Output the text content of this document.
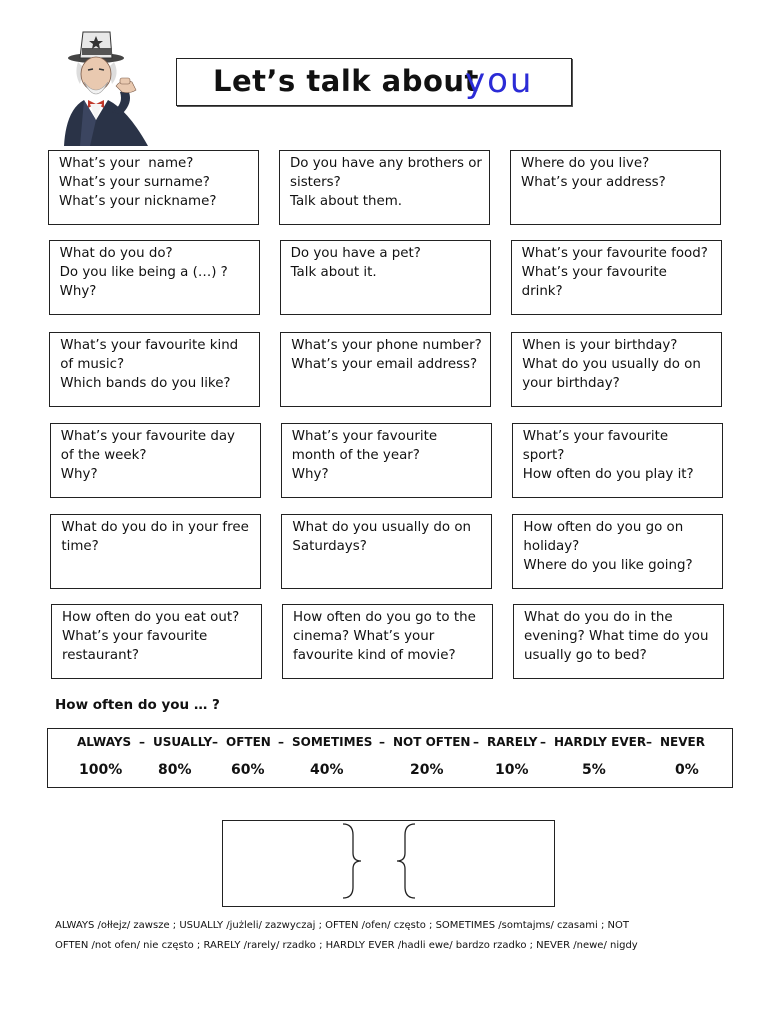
Let’s talk about
you
What’s your  name?
What’s your surname?
What’s your nickname?
Do you have any brothers or
sisters?
Talk about them.
Where do you live?
What’s your address?
What do you do?
Do you like being a (…) ?
Why?
Do you have a pet?
Talk about it.
What’s your favourite food?
What’s your favourite
drink?
What’s your favourite kind
of music?
Which bands do you like?
What’s your phone number?
What’s your email address?
When is your birthday?
What do you usually do on
your birthday?
What’s your favourite day
of the week?
Why?
What’s your favourite
month of the year?
Why?
What’s your favourite
sport?
How often do you play it?
What do you do in your free
time?
What do you usually do on
Saturdays?
How often do you go on
holiday?
Where do you like going?
How often do you eat out?
What’s your favourite
restaurant?
How often do you go to the
cinema? What’s your
favourite kind of movie?
What do you do in the
evening? What time do you
usually go to bed?
How often do you … ?
ALWAYS – USUALLY – OFTEN – SOMETIMES – NOT OFTEN – RARELY – HARDLY EVER – NEVER
100%	80%	60%	40%	20%	10%	5%	0%
ALWAYS /ołłejz/ zawsze ; USUALLY /jużleli/ zazwyczaj ; OFTEN /ofen/ często ; SOMETIMES /somtajms/ czasami ; NOT
OFTEN /not ofen/ nie często ; RARELY /rarely/ rzadko ; HARDLY EVER /hadli ewe/ bardzo rzadko ; NEVER /newe/ nigdy
